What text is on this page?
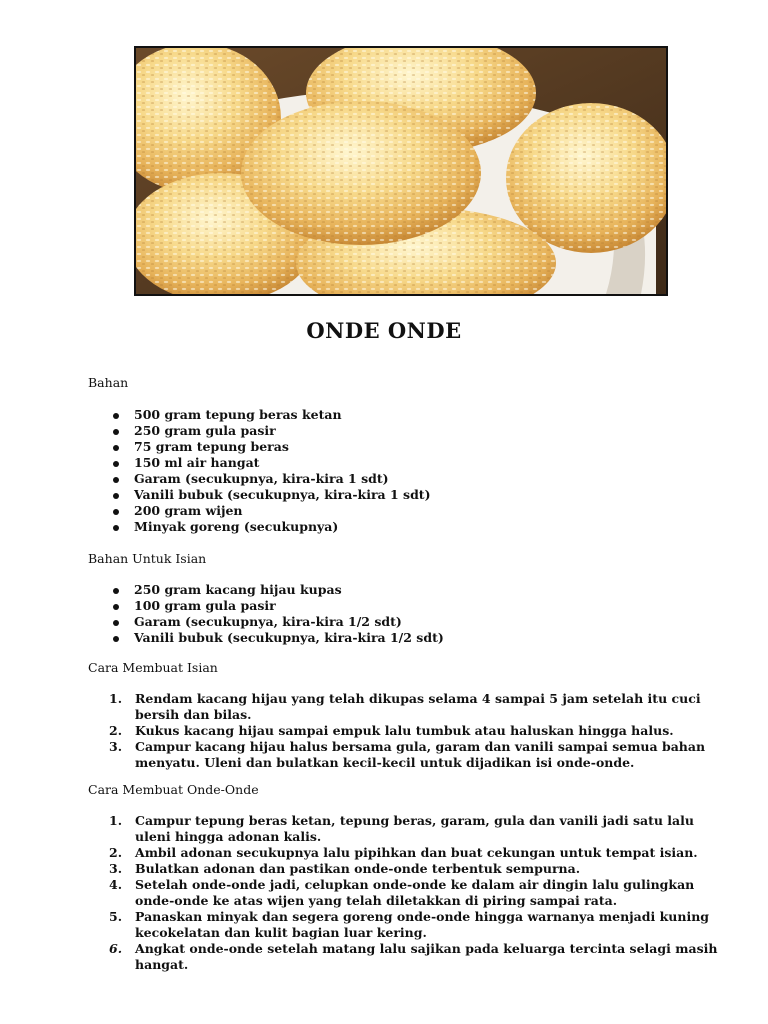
ONDE ONDE
Bahan
500 gram tepung beras ketan
250 gram gula pasir
75 gram tepung beras
150 ml air hangat
Garam (secukupnya, kira-kira 1 sdt)
Vanili bubuk (secukupnya, kira-kira 1 sdt)
200 gram wijen
Minyak goreng (secukupnya)
Bahan Untuk Isian
250 gram kacang hijau kupas
100 gram gula pasir
Garam (secukupnya, kira-kira 1/2 sdt)
Vanili bubuk (secukupnya, kira-kira 1/2 sdt)
Cara Membuat Isian
1. Rendam kacang hijau yang telah dikupas selama 4 sampai 5 jam setelah itu cuci bersih dan bilas.
2. Kukus kacang hijau sampai empuk lalu tumbuk atau haluskan hingga halus.
3. Campur kacang hijau halus bersama gula, garam dan vanili sampai semua bahan menyatu. Uleni dan bulatkan kecil-kecil untuk dijadikan isi onde-onde.
Cara Membuat Onde-Onde
1. Campur tepung beras ketan, tepung beras, garam, gula dan vanili jadi satu lalu uleni hingga adonan kalis.
2. Ambil adonan secukupnya lalu pipihkan dan buat cekungan untuk tempat isian.
3. Bulatkan adonan dan pastikan onde-onde terbentuk sempurna.
4. Setelah onde-onde jadi, celupkan onde-onde ke dalam air dingin lalu gulingkan onde-onde ke atas wijen yang telah diletakkan di piring sampai rata.
5. Panaskan minyak dan segera goreng onde-onde hingga warnanya menjadi kuning kecokelatan dan kulit bagian luar kering.
6. Angkat onde-onde setelah matang lalu sajikan pada keluarga tercinta selagi masih hangat.
